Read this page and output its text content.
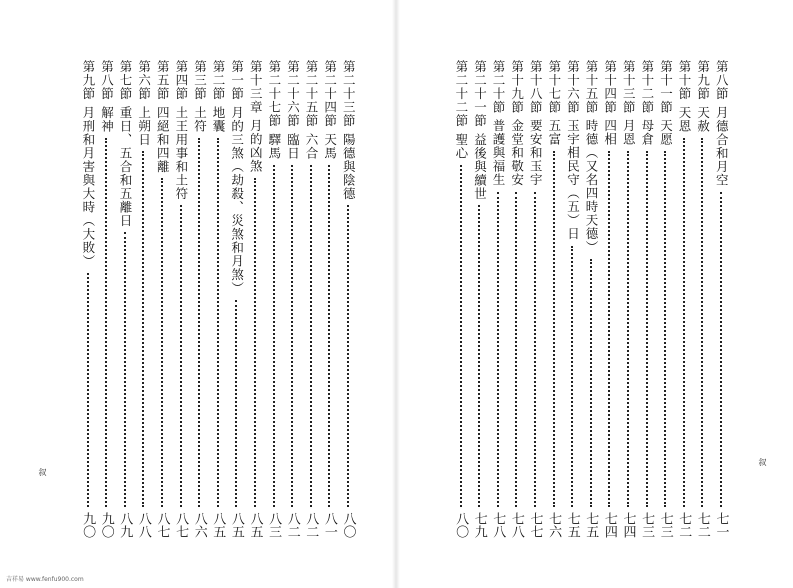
第二十三節
陽德與陰德
八〇
第二十四節
天馬
八一
第二十五節
六合
八二
第二十六節
臨日
八二
第二十七節
驛馬
八三
第十三章
月的凶煞
八五
第一節
月的三煞（劫殺、災煞和月煞）
八五
第二節
地囊
八五
第三節
土符
八六
第四節
土王用事和土符
八七
第五節
四絕和四離
八七
第六節
上朔日
八八
第七節
重日、五合和五離日
八九
第八節
解神
九〇
第九節
月刑和月害與大時（大敗）
九〇
第八節
月德合和月空
七一
第九節
天赦
七二
第十節
天恩
七二
第十一節
天愿
七三
第十二節
母倉
七三
第十三節
月恩
七四
第十四節
四相
七四
第十五節
時德（又名四時天德）
七五
第十六節
玉宇相民守（五）日
七五
第十七節
五富
七六
第十八節
要安和玉宇
七七
第十九節
金堂和敬安
七八
第二十節
普護與福生
七八
第二十一節
益後與續世
七九
第二十二節
聖心
八〇
叙
叙
吉祥易 www.fenfu900.com
